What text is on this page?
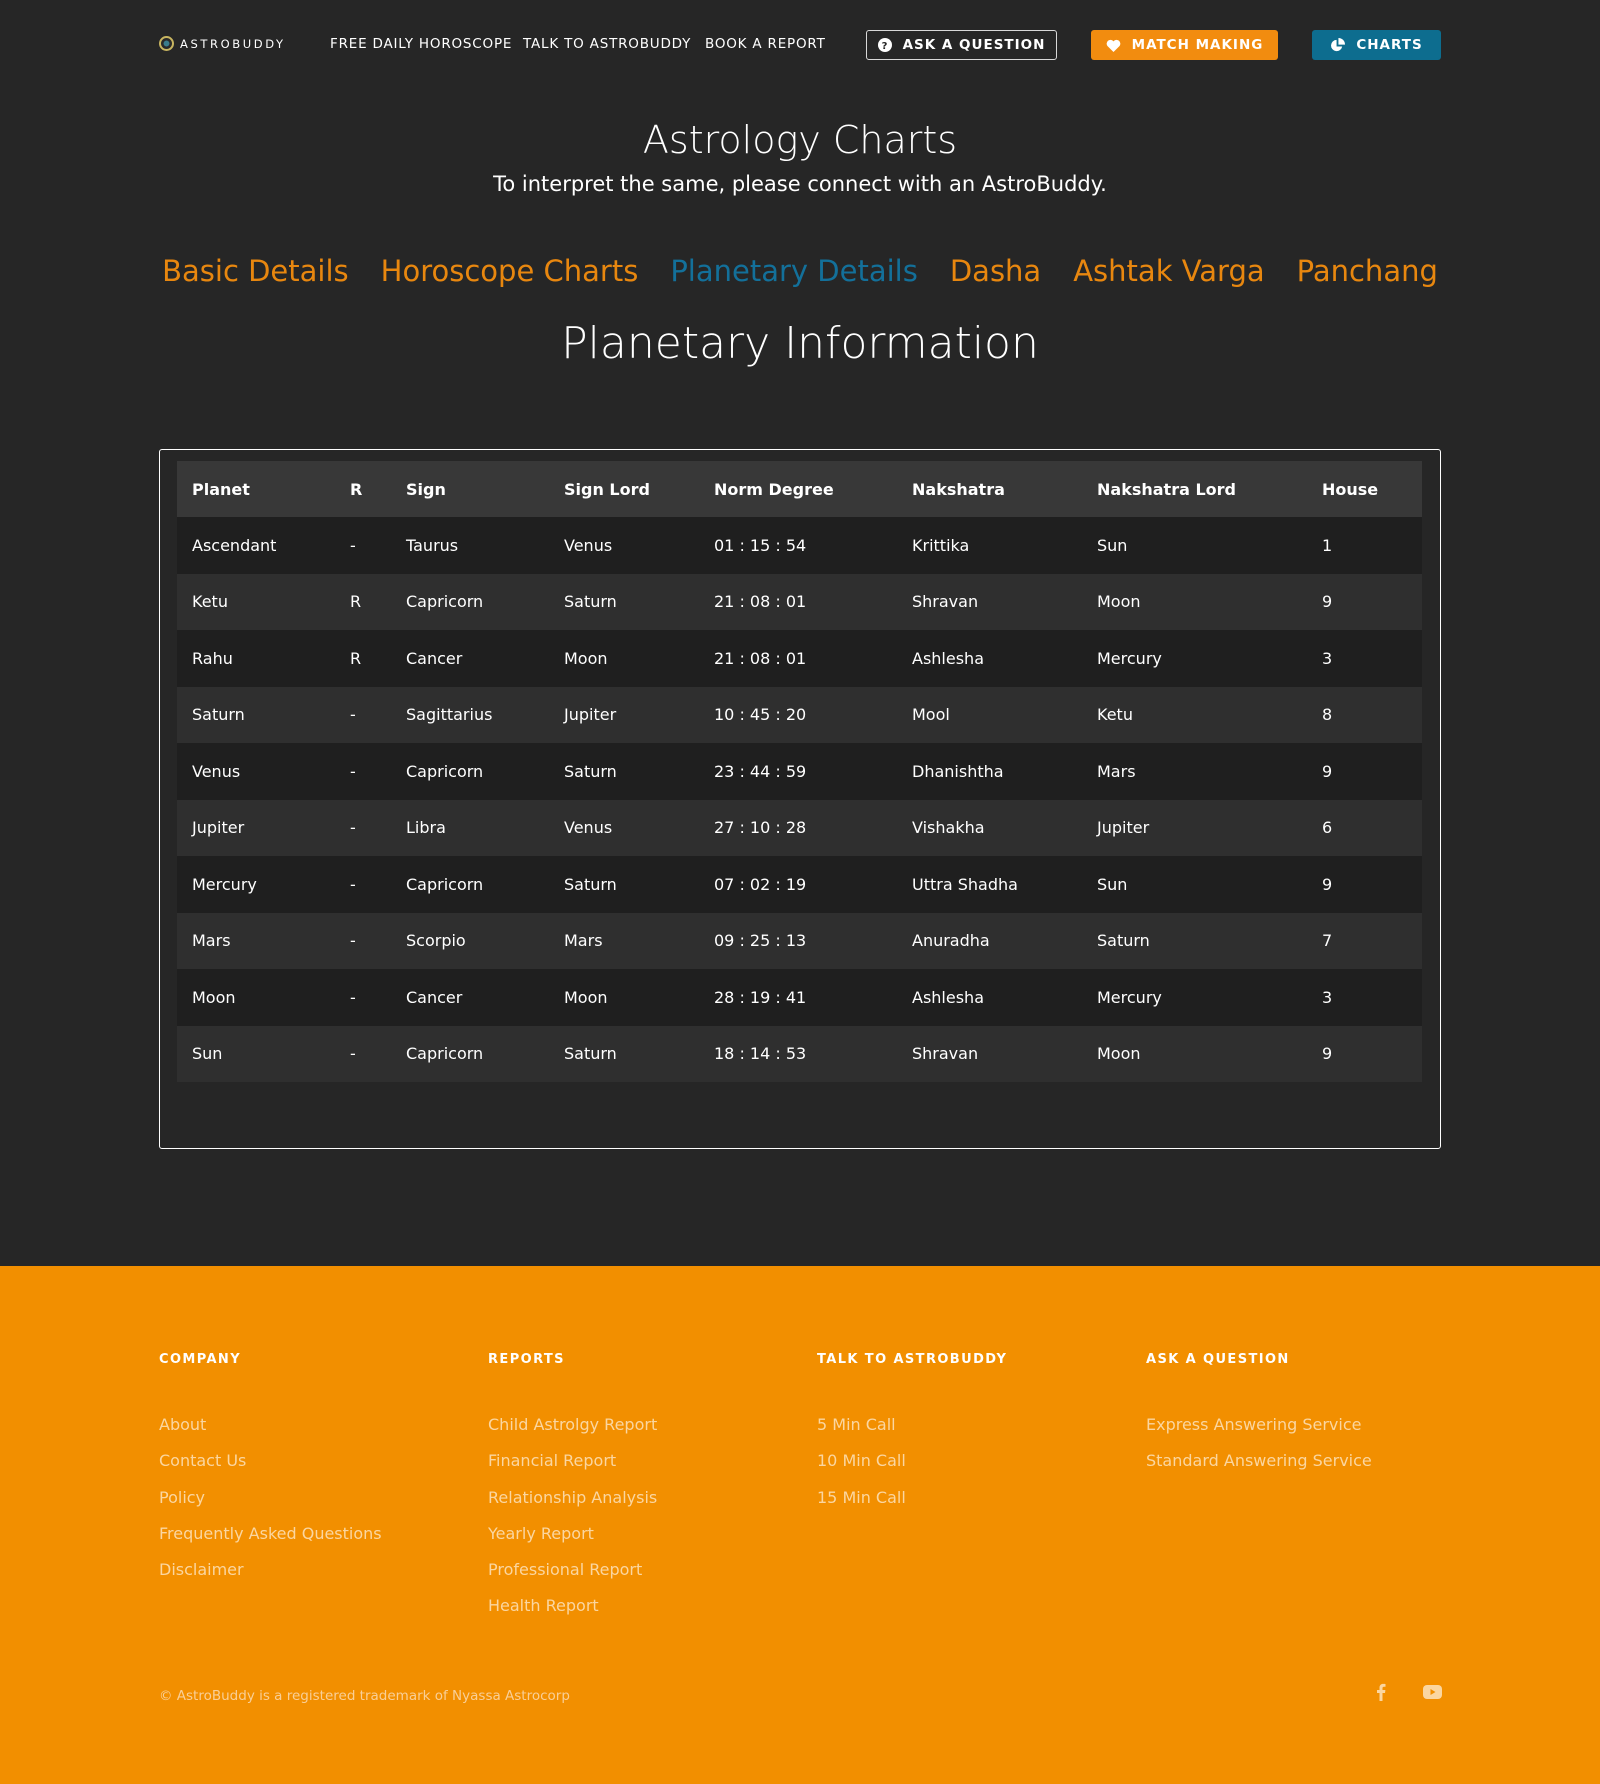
ASTROBUDDY	FREE DAILY HOROSCOPE TALK TO ASTROBUDDY BOOK A REPORT	? ASK A QUESTION	MATCH MAKING	CHARTS
Astrology Charts

To interpret the same, please connect with an AstroBuddy.

Basic Details Horoscope Charts Planetary Details Dasha Ashtak Varga Panchang
Planetary Information
Planet	R	Sign	Sign Lord	Norm Degree	Nakshatra	Nakshatra Lord	House
Ascendant	-	Taurus	Venus	01 : 15 : 54	Krittika	Sun	1
Ketu	R	Capricorn	Saturn	21 : 08 : 01	Shravan	Moon	9
Rahu	R	Cancer	Moon	21 : 08 : 01	Ashlesha	Mercury	3
Saturn	-	Sagittarius	Jupiter	10 : 45 : 20	Mool	Ketu	8
Venus	-	Capricorn	Saturn	23 : 44 : 59	Dhanishtha	Mars	9
Jupiter	-	Libra	Venus	27 : 10 : 28	Vishakha	Jupiter	6
Mercury	-	Capricorn	Saturn	07 : 02 : 19	Uttra Shadha	Sun	9
Mars	-	Scorpio	Mars	09 : 25 : 13	Anuradha	Saturn	7
Moon	-	Cancer	Moon	28 : 19 : 41	Ashlesha	Mercury	3
Sun	-	Capricorn	Saturn	18 : 14 : 53	Shravan	Moon	9
COMPANY
About
Contact Us
Policy
Frequently Asked Questions
Disclaimer
REPORTS
Child Astrolgy Report
Financial Report
Relationship Analysis
Yearly Report
Professional Report
Health Report
TALK TO ASTROBUDDY
5 Min Call
10 Min Call
15 Min Call
ASK A QUESTION
Express Answering Service
Standard Answering Service
© AstroBuddy is a registered trademark of Nyassa Astrocorp
